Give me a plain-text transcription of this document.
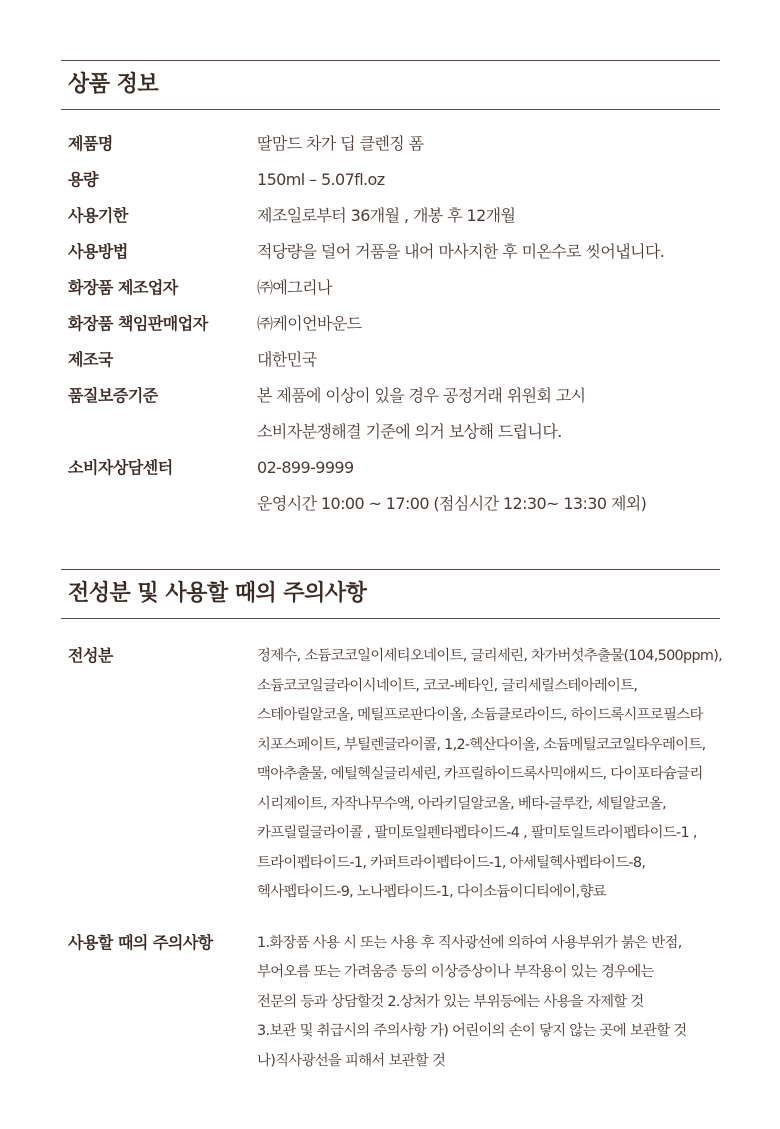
상품 정보
제품명	딸맘드 차가 딥 클렌징 폼
용량	150ml – 5.07fl.oz
사용기한	제조일로부터 36개월 , 개봉 후 12개월
사용방법	적당량을 덜어 거품을 내어 마사지한 후 미온수로 씻어냅니다.
화장품 제조업자	㈜예그리나
화장품 책임판매업자	㈜케이언바운드
제조국	대한민국
품질보증기준	본 제품에 이상이 있을 경우 공정거래 위원회 고시
소비자분쟁해결 기준에 의거 보상해 드립니다.
소비자상담센터	02-899-9999
운영시간 10:00 ~ 17:00 (점심시간 12:30~ 13:30 제외)
전성분 및 사용할 때의 주의사항
전성분	정제수, 소듐코코일이세티오네이트, 글리세린, 차가버섯추출물(104,500ppm),
소듐코코일글라이시네이트, 코코-베타인, 글리세릴스테아레이트,
스테아릴알코올, 메틸프로판다이올, 소듐클로라이드, 하이드록시프로필스타
치포스페이트, 부틸렌글라이콜, 1,2-헥산다이올, 소듐메틸코코일타우레이트,
맥아추출물, 에틸헥실글리세린, 카프릴하이드록사믹애씨드, 다이포타슘글리
시리제이트, 자작나무수액, 아라키딜알코올, 베타-글루칸, 세틸알코올,
카프릴릴글라이콜 , 팔미토일펜타펩타이드-4 , 팔미토일트라이펩타이드-1 ,
트라이펩타이드-1, 카퍼트라이펩타이드-1, 아세틸헥사펩타이드-8,
헥사펩타이드-9, 노나펩타이드-1, 다이소듐이디티에이,향료
사용할 때의 주의사항	1.화장품 사용 시 또는 사용 후 직사광선에 의하여 사용부위가 붉은 반점,
부어오름 또는 가려움증 등의 이상증상이나 부작용이 있는 경우에는
전문의 등과 상담할것 2.상처가 있는 부위등에는 사용을 자제할 것
3.보관 및 취급시의 주의사항 가) 어린이의 손이 닿지 않는 곳에 보관할 것
나)직사광선을 피해서 보관할 것
